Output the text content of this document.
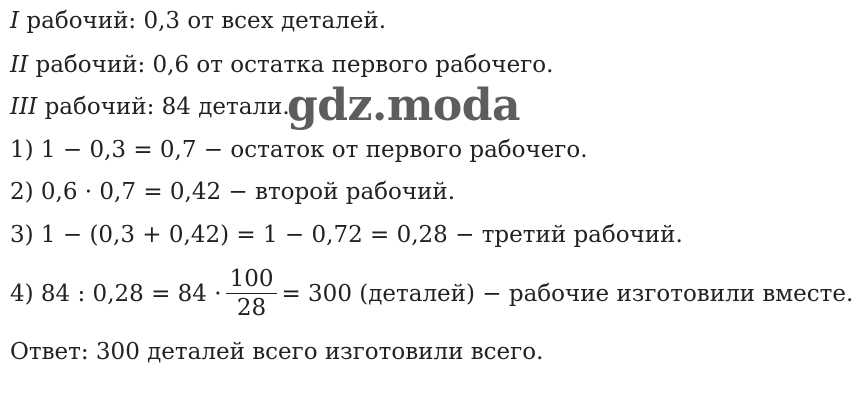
I рабочий: 0,3 от всех деталей.
II рабочий: 0,6 от остатка первого рабочего.
III рабочий: 84 детали.
1) 1 − 0,3 = 0,7 − остаток от первого рабочего.
2) 0,6 · 0,7 = 0,42 − второй рабочий.
3) 1 − (0,3 + 0,42) = 1 − 0,72 = 0,28 − третий рабочий.
4) 84 : $0,28 = 84 \cdot \frac{100}{28} = 300$ (деталей) − рабочие изготовили вместе.
Ответ: 300 деталей всего изготовили всего.
gdz.moda
